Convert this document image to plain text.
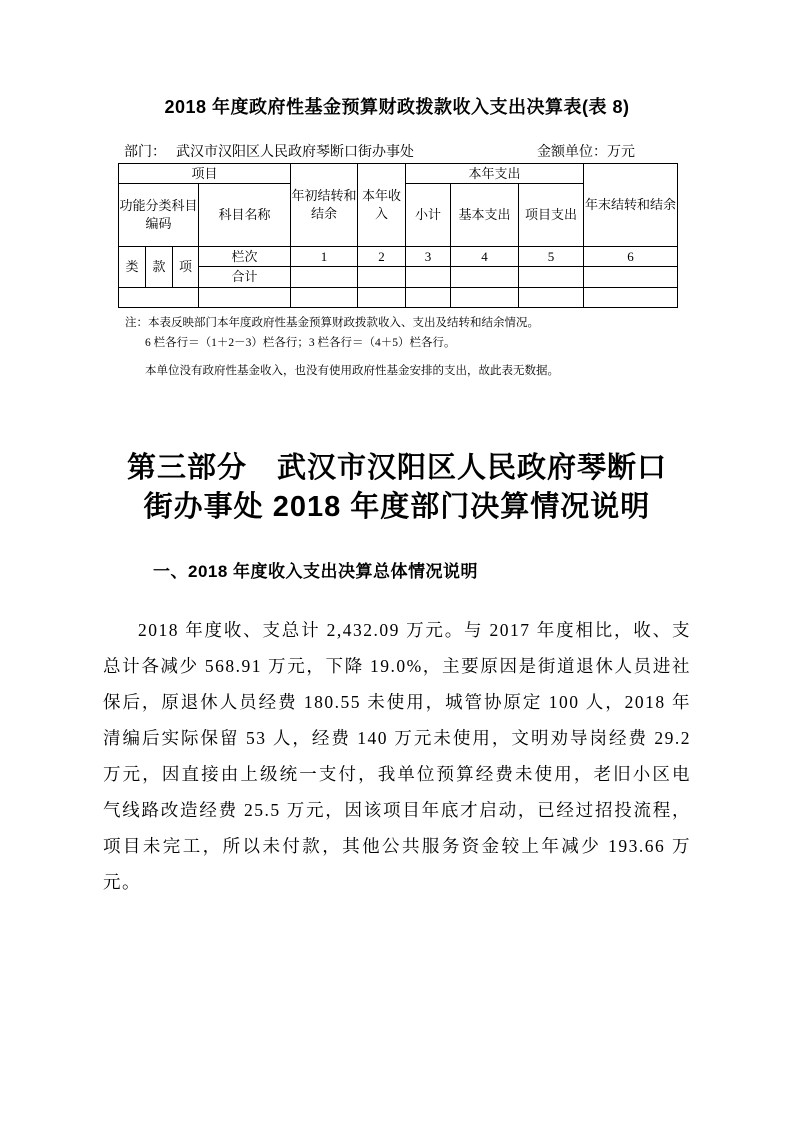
2018 年度政府性基金预算财政拨款收入支出决算表(表 8)
部门： 武汉市汉阳区人民政府琴断口街办事处	金额单位：万元
项目				年初结转和结余	本年收入	本年支出			年末结转和结余
功能分类科目编码			科目名称			小计	基本支出	项目支出	
类	款	项	栏次	1	2	3	4	5	6
			合计						

注：本表反映部门本年度政府性基金预算财政拨款收入、支出及结转和结余情况。
6 栏各行＝（1＋2－3）栏各行；3 栏各行＝（4＋5）栏各行。
本单位没有政府性基金收入，也没有使用政府性基金安排的支出，故此表无数据。
第三部分　武汉市汉阳区人民政府琴断口
街办事处 2018 年度部门决算情况说明
一、2018 年度收入支出决算总体情况说明
2018 年度收、支总计 2,432.09 万元。与 2017 年度相比，收、支总计各减少 568.91 万元，下降 19.0%，主要原因是街道退休人员进社保后，原退休人员经费 180.55 未使用，城管协原定 100 人，2018 年清编后实际保留 53 人，经费 140 万元未使用，文明劝导岗经费 29.2 万元，因直接由上级统一支付，我单位预算经费未使用，老旧小区电气线路改造经费 25.5 万元，因该项目年底才启动，已经过招投流程，项目未完工，所以未付款，其他公共服务资金较上年减少 193.66 万元。
